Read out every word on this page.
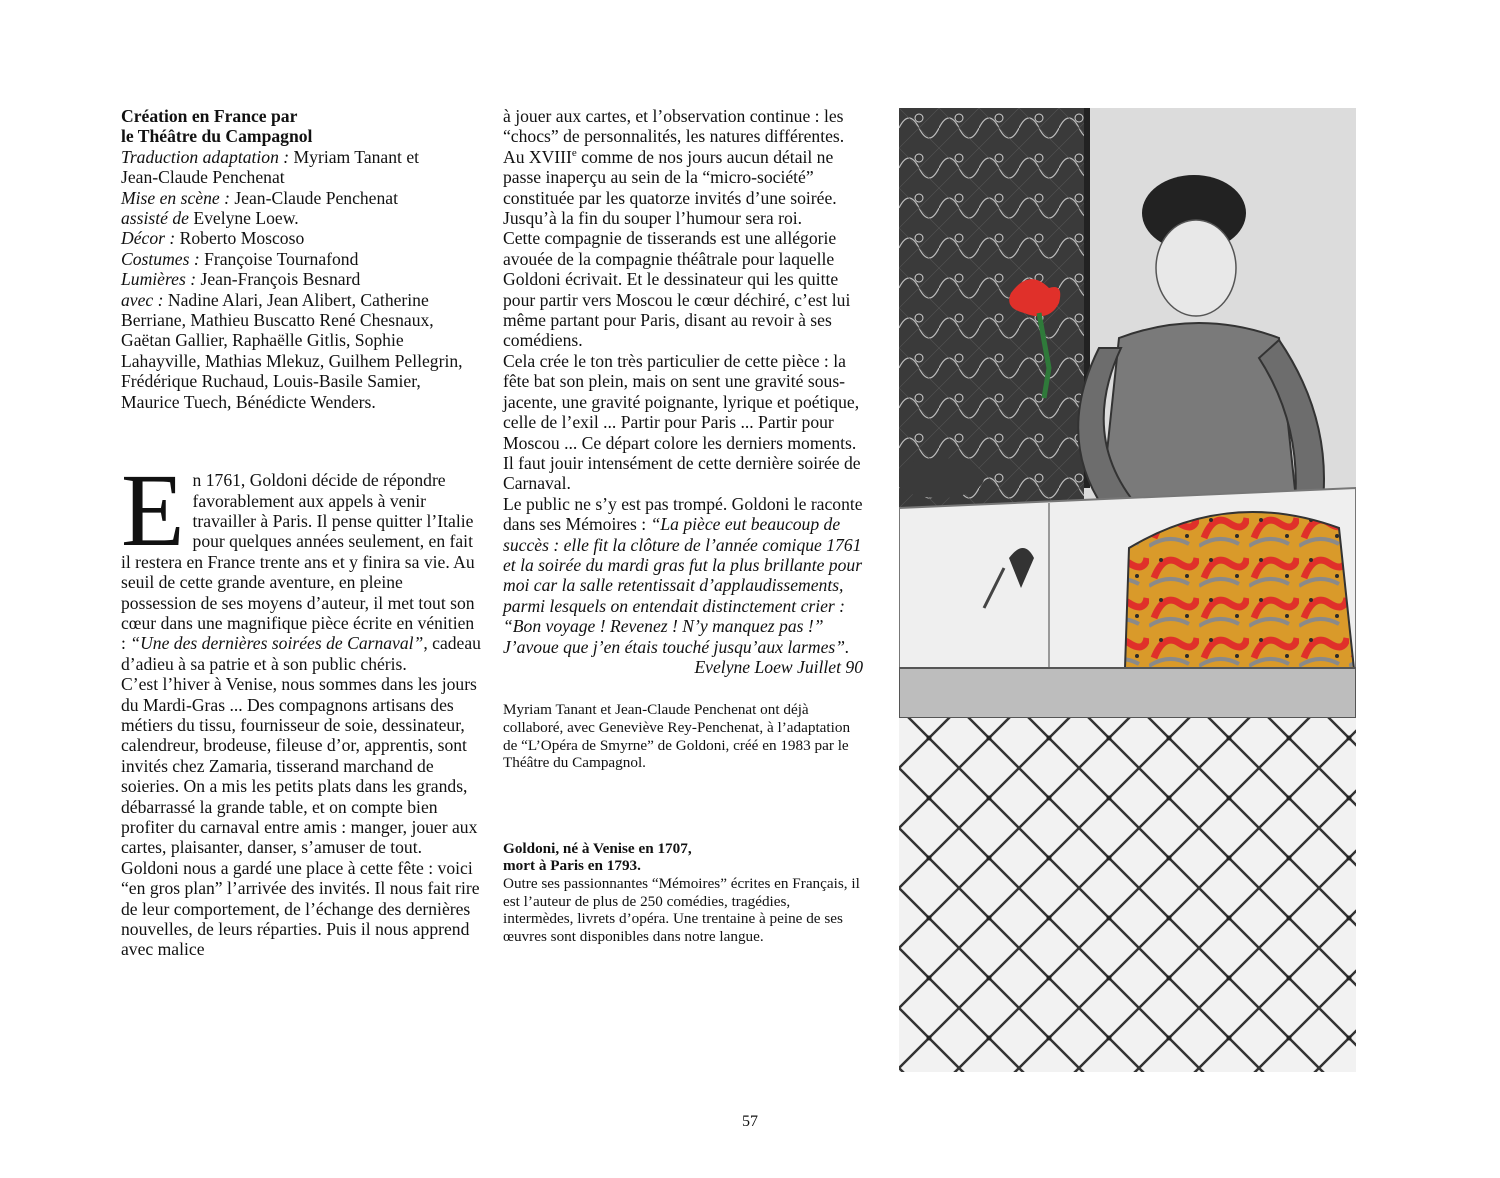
Création en France par

le Théâtre du Campagnol

Traduction adaptation : Myriam Tanant et

Jean-Claude Penchenat

Mise en scène : Jean-Claude Penchenat

assisté de Evelyne Loew.

Décor : Roberto Moscoso

Costumes : Françoise Tournafond

Lumières : Jean-François Besnard

avec : Nadine Alari, Jean Alibert, Catherine Berriane, Mathieu Buscatto René Chesnaux, Gaëtan Gallier, Raphaëlle Gitlis, Sophie Lahayville, Mathias Mlekuz, Guilhem Pellegrin, Frédérique Ruchaud, Louis-Basile Samier, Maurice Tuech, Bénédicte Wenders.

En 1761, Goldoni décide de répondre favorablement aux appels à venir travailler à Paris. Il pense quitter l’Italie pour quelques années seulement, en fait il restera en France trente ans et y finira sa vie. Au seuil de cette grande aventure, en pleine possession de ses moyens d’auteur, il met tout son cœur dans une magnifique pièce écrite en vénitien : “Une des dernières soirées de Carnaval”, cadeau d’adieu à sa patrie et à son public chéris.

C’est l’hiver à Venise, nous sommes dans les jours du Mardi-Gras ... Des compagnons artisans des métiers du tissu, fournisseur de soie, dessinateur, calendreur, brodeuse, fileuse d’or, apprentis, sont invités chez Zamaria, tisserand marchand de soieries. On a mis les petits plats dans les grands, débarrassé la grande table, et on compte bien profiter du carnaval entre amis : manger, jouer aux cartes, plaisanter, danser, s’amuser de tout.

Goldoni nous a gardé une place à cette fête : voici “en gros plan” l’arrivée des invités. Il nous fait rire de leur comportement, de l’échange des dernières nouvelles, de leurs réparties. Puis il nous apprend avec malice

à jouer aux cartes, et l’observation continue : les “chocs” de personnalités, les natures différentes. Au XVIIIe comme de nos jours aucun détail ne passe inaperçu au sein de la “micro-société” constituée par les quatorze invités d’une soirée. Jusqu’à la fin du souper l’humour sera roi.

Cette compagnie de tisserands est une allégorie avouée de la compagnie théâtrale pour laquelle Goldoni écrivait. Et le dessinateur qui les quitte pour partir vers Moscou le cœur déchiré, c’est lui même partant pour Paris, disant au revoir à ses comédiens.

Cela crée le ton très particulier de cette pièce : la fête bat son plein, mais on sent une gravité sous-jacente, une gravité poignante, lyrique et poétique, celle de l’exil ... Partir pour Paris ... Partir pour Moscou ... Ce départ colore les derniers moments. Il faut jouir intensément de cette dernière soirée de Carnaval.

Le public ne s’y est pas trompé. Goldoni le raconte dans ses Mémoires : “La pièce eut beaucoup de succès : elle fit la clôture de l’année comique 1761 et la soirée du mardi gras fut la plus brillante pour moi car la salle retentissait d’applaudissements, parmi lesquels on entendait distinctement crier : “Bon voyage ! Revenez ! N’y manquez pas !” J’avoue que j’en étais touché jusqu’aux larmes”.

Evelyne Loew Juillet 90

Myriam Tanant et Jean-Claude Penchenat ont déjà collaboré, avec Geneviève Rey-Penchenat, à l’adaptation de “L’Opéra de Smyrne” de Goldoni, créé en 1983 par le Théâtre du Campagnol.

Goldoni, né à Venise en 1707,

mort à Paris en 1793.

Outre ses passionnantes “Mémoires” écrites en Français, il est l’auteur de plus de 250 comédies, tragédies, intermèdes, livrets d’opéra. Une trentaine à peine de ses œuvres sont disponibles dans notre langue.

57
